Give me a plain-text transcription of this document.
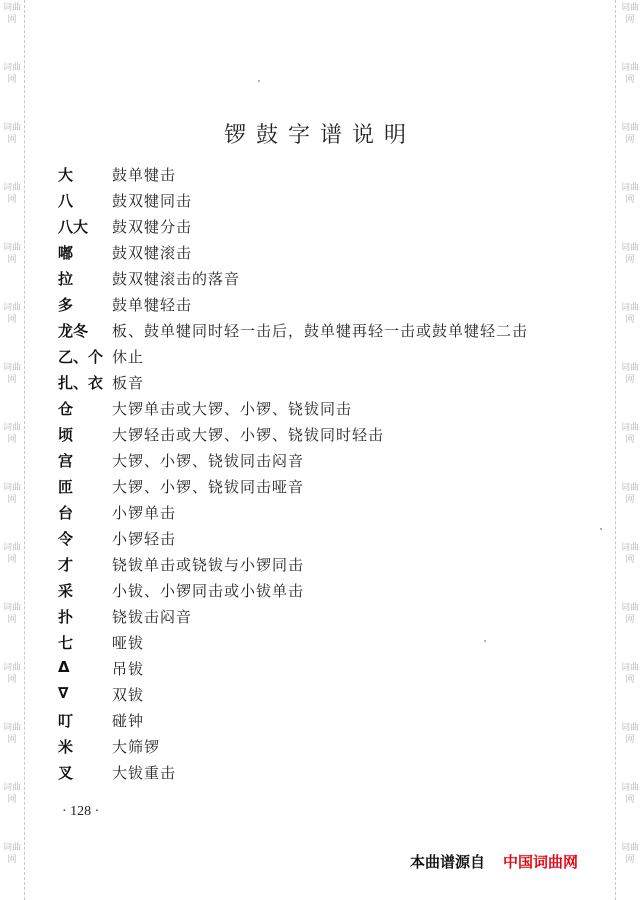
词曲网
词曲网
词曲网
词曲网
词曲网
词曲网
词曲网
词曲网
词曲网
词曲网
词曲网
词曲网
词曲网
词曲网
词曲网
词曲网
词曲网
词曲网
词曲网
词曲网
词曲网
词曲网
词曲网
词曲网
词曲网
词曲网
词曲网
词曲网
词曲网
词曲网
锣鼓字谱说明
大	鼓单犍击
八	鼓双犍同击
八大 鼓双犍分击
嘟	鼓双犍滚击
拉	鼓双犍滚击的落音
多	鼓单犍轻击
龙冬 板、鼓单犍同时轻一击后，鼓单犍再轻一击或鼓单犍轻二击
乙、个 休止
扎、衣 板音
仓	大锣单击或大锣、小锣、铙钹同击
顷	大锣轻击或大锣、小锣、铙钹同时轻击
宫	大锣、小锣、铙钹同击闷音
匝	大锣、小锣、铙钹同击哑音
台	小锣单击
令	小锣轻击
才	铙钹单击或铙钹与小锣同击
采	小钹、小锣同击或小钹单击
扑	铙钹击闷音
七	哑钹
Δ	吊钹
∇	双钹
叮	碰钟
米	大筛锣
叉	大钹重击
· 128 ·
本曲谱源自 中国词曲网
